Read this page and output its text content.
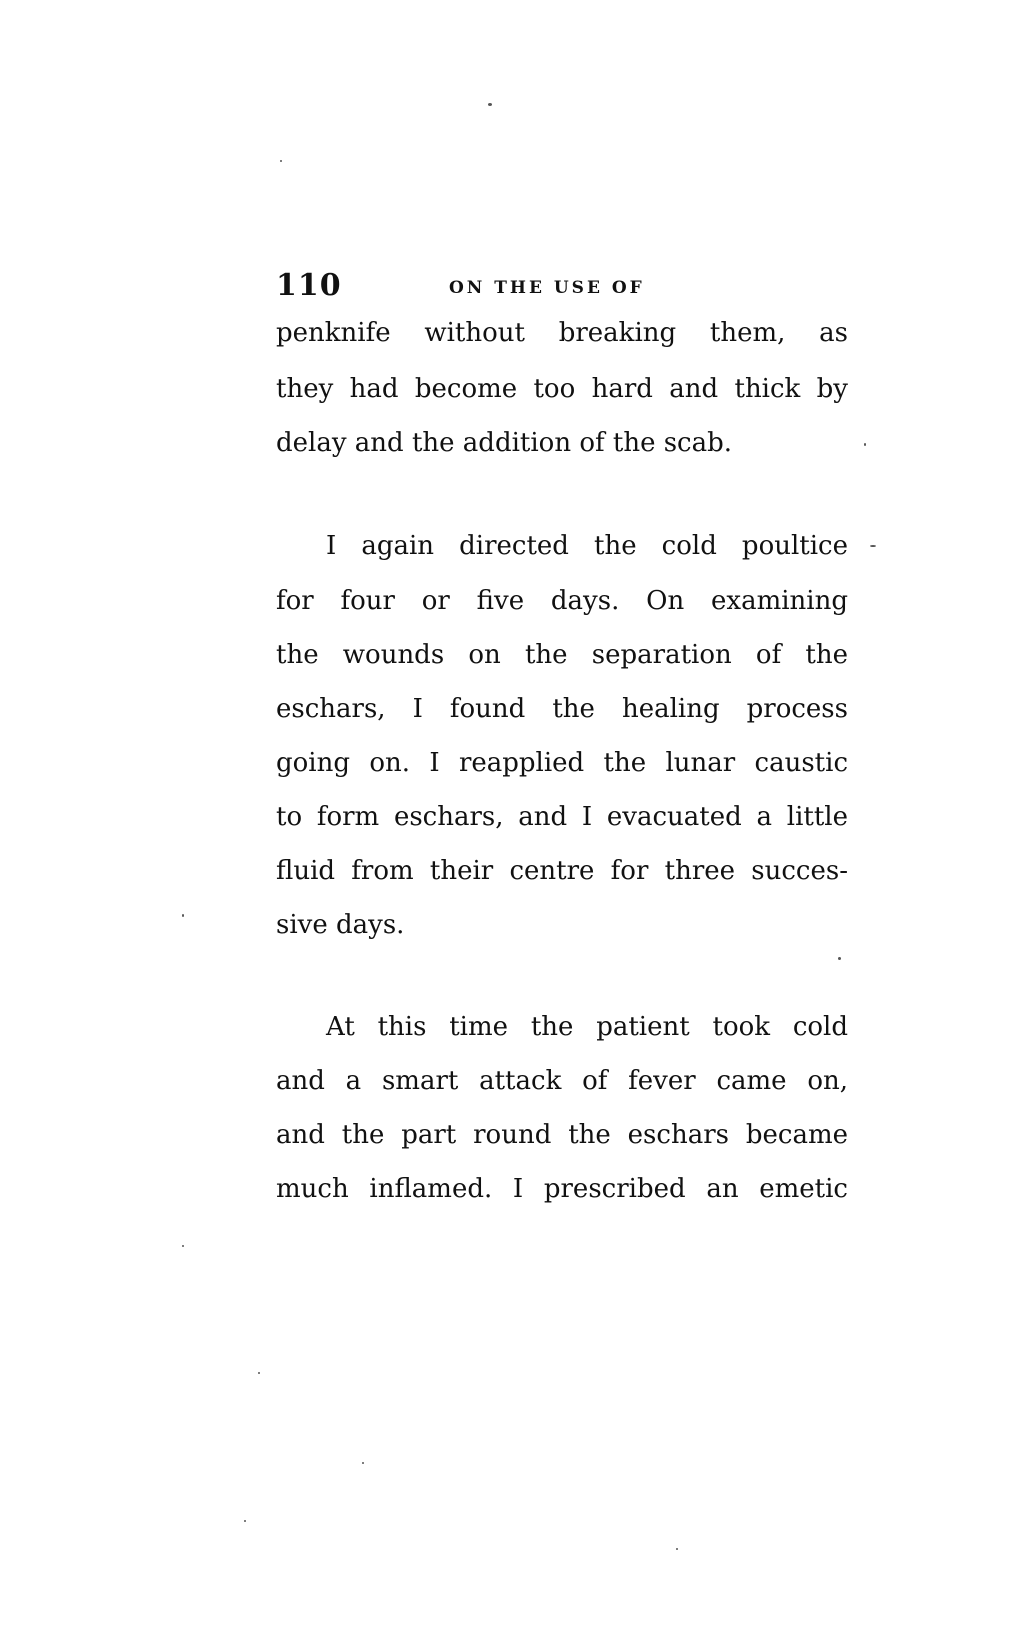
110	ON THE USE OF
penknife without breaking them, as
they had become too hard and thick by
delay and the addition of the scab.
I again directed the cold poultice
for four or five days. On examining
the wounds on the separation of the
eschars, I found the healing process
going on. I reapplied the lunar caustic
to form eschars, and I evacuated a little
fluid from their centre for three succes-
sive days.
At this time the patient took cold
and a smart attack of fever came on,
and the part round the eschars became
much inflamed. I prescribed an emetic
